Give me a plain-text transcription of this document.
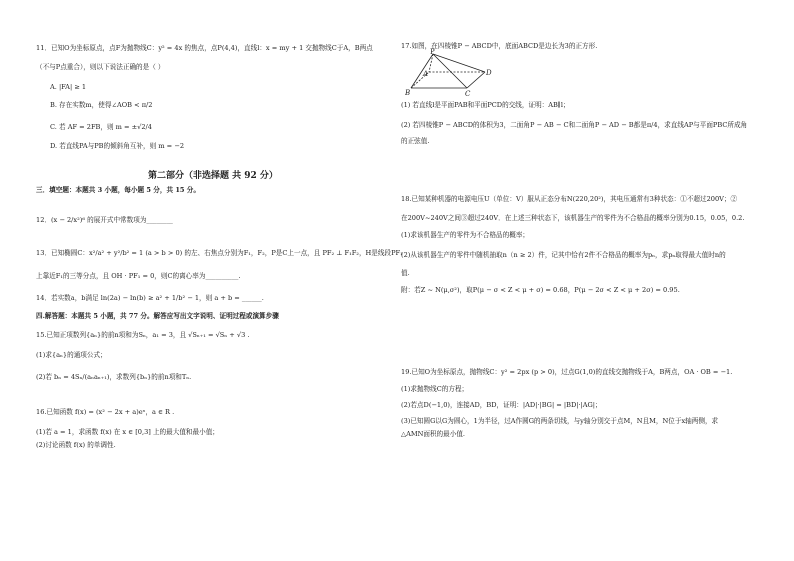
11．已知O为坐标原点，点F为抛物线C：y² = 4x 的焦点，点P(4,4)，直线l：x = my + 1 交抛物线C于A，B两点
（不与P点重合），则以下说法正确的是（ ）
A. |FA| ≥ 1
B. 存在实数m，使得∠AOB < π/2
C. 若 AF = 2FB，则 m = ±√2/4
D. 若直线PA与PB的倾斜角互补，则 m = −2
第二部分（非选择题 共 92 分）
三．填空题：本题共 3 小题，每小题 5 分，共 15 分。
12．(x − 2/x²)⁶ 的展开式中常数项为________
13．已知椭圆C：x²/a² + y²/b² = 1 (a > b > 0) 的左、右焦点分别为F₁，F₂，P是C上一点，且 PF₂ ⊥ F₁F₂，H是线段PF₁
上靠近F₁的三等分点，且 OH · PF₁ = 0，则C的离心率为__________.
14．若实数a，b满足 ln(2a) − ln(b) ≥ a² + 1/b² − 1，则 a + b = ______.
四.解答题：本题共 5 小题，共 77 分。解答应写出文字说明、证明过程或演算步骤
15.已知正项数列{aₙ}的前n项和为Sₙ，a₁ = 3，且 √Sₙ₊₁ = √Sₙ + √3 .
(1)求{aₙ}的通项公式；
(2)若 bₙ = 4Sₙ/(aₙaₙ₊₁)，求数列{bₙ}的前n项和Tₙ.
16.已知函数 f(x) = (x² − 2x + a)eˣ，a ∈ R .
(1)若 a = 1，求函数 f(x) 在 x ∈ [0,3] 上的最大值和最小值；
(2)讨论函数 f(x) 的单调性.
17.如图，在四棱锥P − ABCD中，底面ABCD是边长为3的正方形.
P
A
B	C
D
(1) 若直线l是平面PAB和平面PCD的交线，证明：AB∥l；
(2) 若四棱锥P − ABCD的体积为3，二面角P − AB − C和二面角P − AD − B都是π/4，求直线AP与平面PBC所成角
的正弦值.
18.已知某种机器的电源电压U（单位：V）服从正态分布N(220,20²)，其电压通常有3种状态：①不超过200V；②
在200V~240V之间③超过240V．在上述三种状态下，该机器生产的零件为不合格品的概率分别为0.15，0.05，0.2.
(1)求该机器生产的零件为不合格品的概率；
(2)从该机器生产的零件中随机抽取n（n ≥ 2）件，记其中恰有2件不合格品的概率为pₙ，求pₙ取得最大值时n的
值.
附：若Z ~ N(μ,σ²)，取P(μ − σ < Z < μ + σ) = 0.68，P(μ − 2σ < Z < μ + 2σ) = 0.95.
19.已知O为坐标原点，抛物线C：y² = 2px (p > 0)，过点G(1,0)的直线交抛物线于A，B两点，OA · OB = −1.
(1)求抛物线C的方程；
(2)若点D(−1,0)，连接AD，BD，证明：|AD|·|BG| = |BD|·|AG|；
(3)已知圆G以G为圆心，1为半径，过A作圆G的两条切线，与y轴分别交于点M，N且M，N位于x轴两侧，求
△AMN面积的最小值.
